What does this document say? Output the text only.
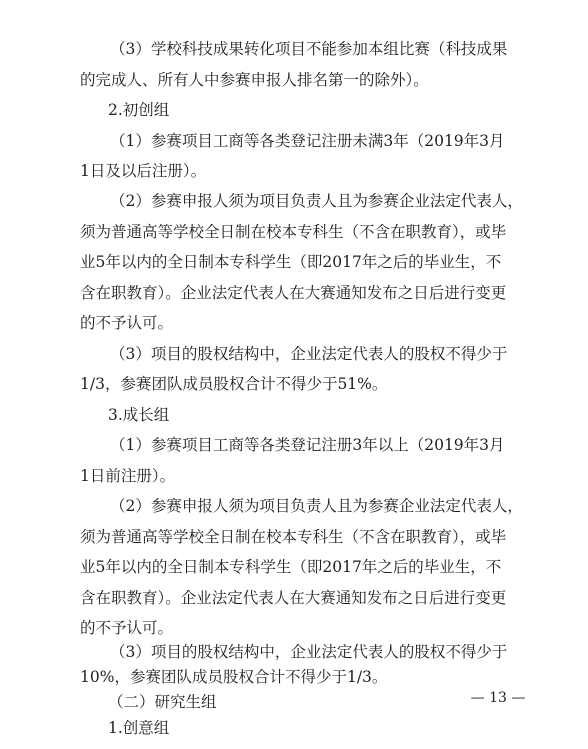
（3）学校科技成果转化项目不能参加本组比赛（科技成果
的完成人、所有人中参赛申报人排名第一的除外）。
2.初创组
（1）参赛项目工商等各类登记注册未满3年（2019年3月
1日及以后注册）。
（2）参赛申报人须为项目负责人且为参赛企业法定代表人，
须为普通高等学校全日制在校本专科生（不含在职教育），或毕
业5年以内的全日制本专科学生（即2017年之后的毕业生，不
含在职教育）。企业法定代表人在大赛通知发布之日后进行变更
的不予认可。
（3）项目的股权结构中，企业法定代表人的股权不得少于
1/3，参赛团队成员股权合计不得少于51%。
3.成长组
（1）参赛项目工商等各类登记注册3年以上（2019年3月
1日前注册）。
（2）参赛申报人须为项目负责人且为参赛企业法定代表人，
须为普通高等学校全日制在校本专科生（不含在职教育），或毕
业5年以内的全日制本专科学生（即2017年之后的毕业生，不
含在职教育）。企业法定代表人在大赛通知发布之日后进行变更
的不予认可。
（3）项目的股权结构中，企业法定代表人的股权不得少于
10%，参赛团队成员股权合计不得少于1/3。
（二）研究生组
1.创意组
— 13 —
